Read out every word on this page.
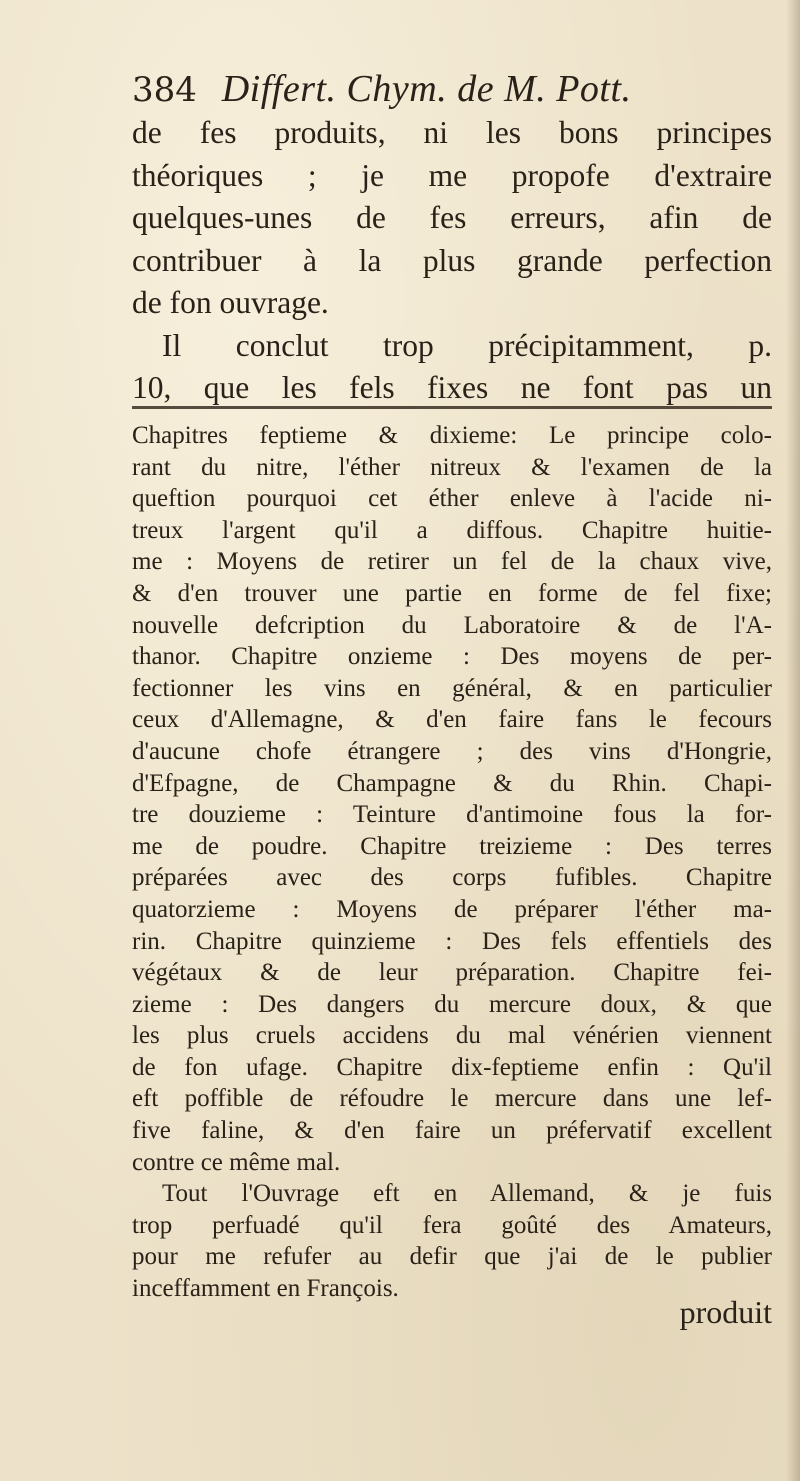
384 Differt. Chym. de M. Pott.
de fes produits, ni les bons principes
théoriques ; je me propofe d'extraire
quelques-unes de fes erreurs, afin de
contribuer à la plus grande perfection
de fon ouvrage.
Il conclut trop précipitamment, p.
10, que les fels fixes ne font pas un
Chapitres feptieme & dixieme: Le principe colo-
rant du nitre, l'éther nitreux & l'examen de la
queftion pourquoi cet éther enleve à l'acide ni-
treux l'argent qu'il a diffous. Chapitre huitie-
me : Moyens de retirer un fel de la chaux vive,
& d'en trouver une partie en forme de fel fixe;
nouvelle defcription du Laboratoire & de l'A-
thanor. Chapitre onzieme : Des moyens de per-
fectionner les vins en général, & en particulier
ceux d'Allemagne, & d'en faire fans le fecours
d'aucune chofe étrangere ; des vins d'Hongrie,
d'Efpagne, de Champagne & du Rhin. Chapi-
tre douzieme : Teinture d'antimoine fous la for-
me de poudre. Chapitre treizieme : Des terres
préparées avec des corps fufibles. Chapitre
quatorzieme : Moyens de préparer l'éther ma-
rin. Chapitre quinzieme : Des fels effentiels des
végétaux & de leur préparation. Chapitre fei-
zieme : Des dangers du mercure doux, & que
les plus cruels accidens du mal vénérien viennent
de fon ufage. Chapitre dix-feptieme enfin : Qu'il
eft poffible de réfoudre le mercure dans une lef-
five faline, & d'en faire un préfervatif excellent
contre ce même mal.
Tout l'Ouvrage eft en Allemand, & je fuis
trop perfuadé qu'il fera goûté des Amateurs,
pour me refufer au defir que j'ai de le publier
inceffamment en François.
produit
